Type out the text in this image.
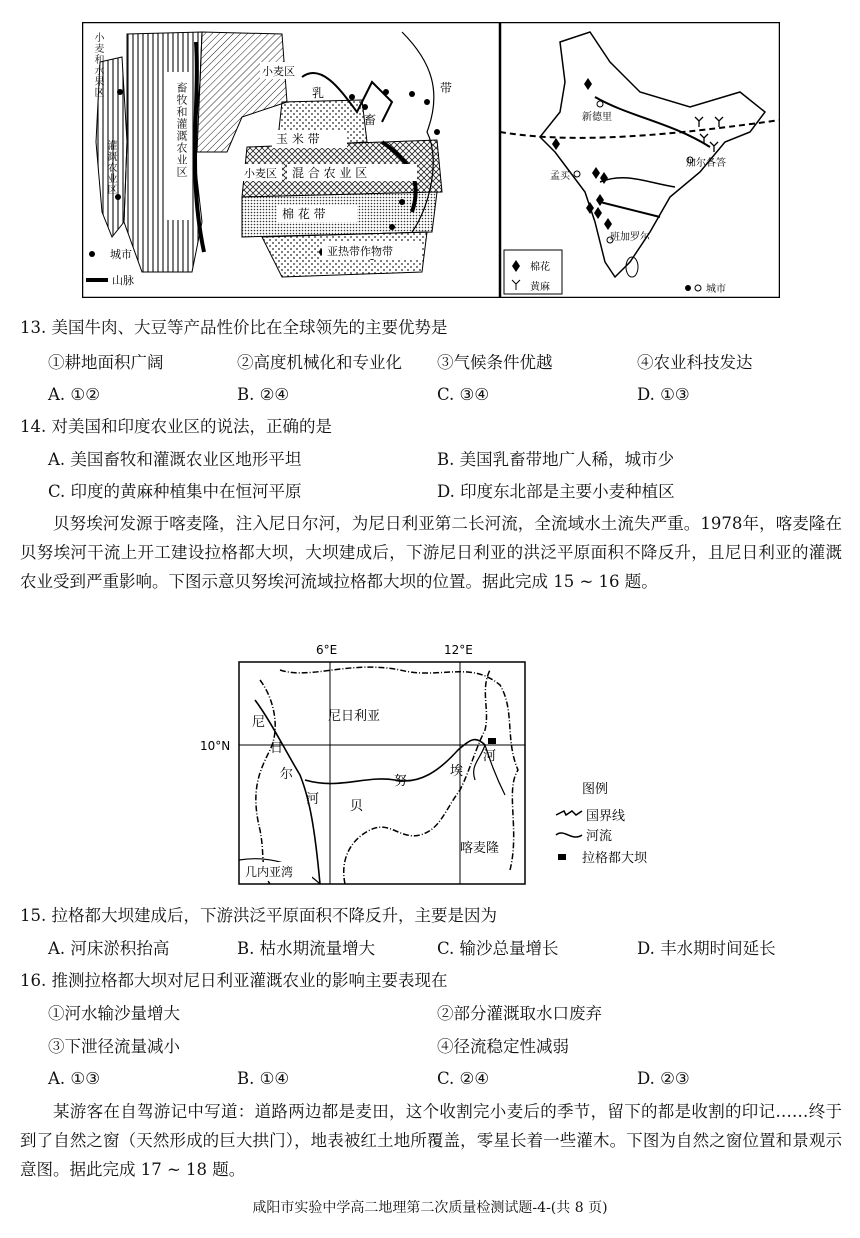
小麦区
乳
畜
带
玉 米 带
小麦区 混 合 农 业 区
棉 花 带
亚热带作物带
城市
山脉
畜牧和灌溉农业区
小麦和水果区
灌溉农业区
新德里
加尔各答
孟买
班加罗尔
棉花
黄麻	城市
13. 美国牛肉、大豆等产品性价比在全球领先的主要优势是
①耕地面积广阔	②高度机械化和专业化 ③气候条件优越	④农业科技发达
A. ①②	B. ②④	C. ③④	D. ①③
14. 对美国和印度农业区的说法，正确的是
A. 美国畜牧和灌溉农业区地形平坦	B. 美国乳畜带地广人稀，城市少
C. 印度的黄麻种植集中在恒河平原	D. 印度东北部是主要小麦种植区
贝努埃河发源于喀麦隆，注入尼日尔河，为尼日利亚第二长河流，全流域水土流失严重。1978年，喀麦隆在贝努埃河干流上开工建设拉格都大坝，大坝建成后，下游尼日利亚的洪泛平原面积不降反升，且尼日利亚的灌溉农业受到严重影响。下图示意贝努埃河流域拉格都大坝的位置。据此完成 15 ~ 16 题。
6°E	12°E
10°N
尼
日
尔
河
尼日利亚
贝
努
埃
河
喀麦隆
几内亚湾
图例
国界线
河流
拉格都大坝
15. 拉格都大坝建成后，下游洪泛平原面积不降反升，主要是因为
A. 河床淤积抬高	B. 枯水期流量增大	C. 输沙总量增长	D. 丰水期时间延长
16. 推测拉格都大坝对尼日利亚灌溉农业的影响主要表现在
①河水输沙量增大	②部分灌溉取水口废弃
③下泄径流量减小	④径流稳定性减弱
A. ①③	B. ①④	C. ②④	D. ②③
某游客在自驾游记中写道：道路两边都是麦田，这个收割完小麦后的季节，留下的都是收割的印记……终于到了自然之窗（天然形成的巨大拱门），地表被红土地所覆盖，零星长着一些灌木。下图为自然之窗位置和景观示意图。据此完成 17 ~ 18 题。
咸阳市实验中学高二地理第二次质量检测试题-4-(共 8 页)
